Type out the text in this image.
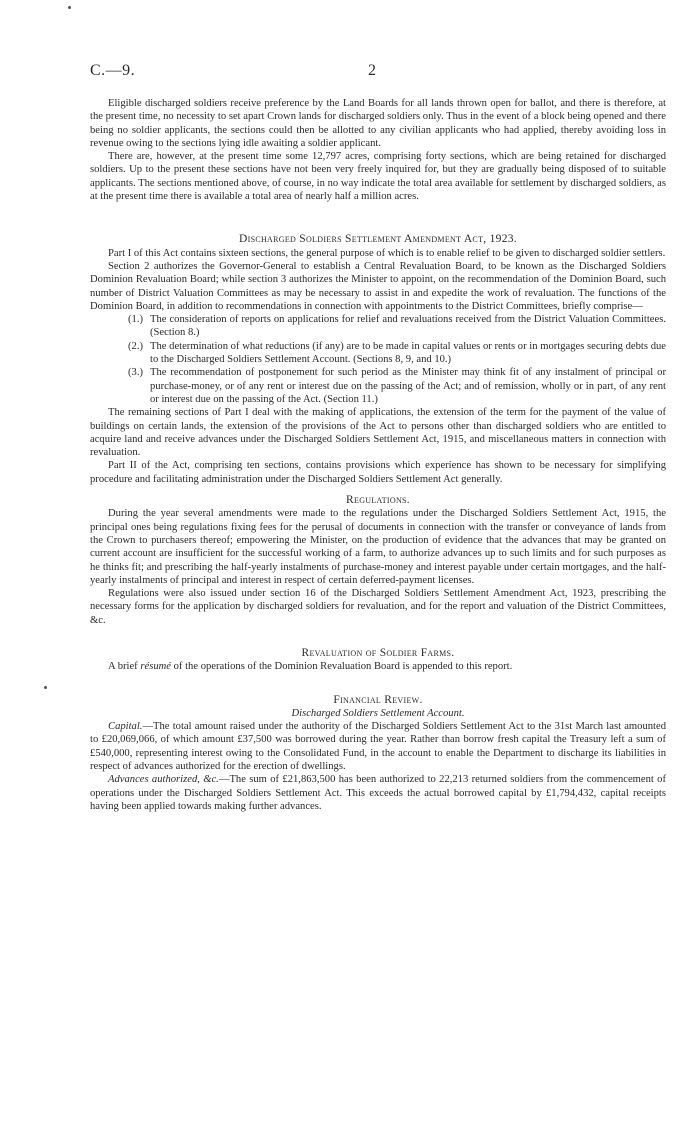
C.—9.	2

Eligible discharged soldiers receive preference by the Land Boards for all lands thrown open for ballot, and there is therefore, at the present time, no necessity to set apart Crown lands for discharged soldiers only. Thus in the event of a block being opened and there being no soldier applicants, the sections could then be allotted to any civilian applicants who had applied, thereby avoiding loss in revenue owing to the sections lying idle awaiting a soldier applicant.

There are, however, at the present time some 12,797 acres, comprising forty sections, which are being retained for discharged soldiers. Up to the present these sections have not been very freely inquired for, but they are gradually being disposed of to suitable applicants. The sections mentioned above, of course, in no way indicate the total area available for settlement by discharged soldiers, as at the present time there is available a total area of nearly half a million acres.

Discharged Soldiers Settlement Amendment Act, 1923.

Part I of this Act contains sixteen sections, the general purpose of which is to enable relief to be given to discharged soldier settlers.

Section 2 authorizes the Governor-General to establish a Central Revaluation Board, to be known as the Discharged Soldiers Dominion Revaluation Board; while section 3 authorizes the Minister to appoint, on the recommendation of the Dominion Board, such number of District Valuation Committees as may be necessary to assist in and expedite the work of revaluation. The functions of the Dominion Board, in addition to recommendations in connection with appointments to the District Committees, briefly comprise—

(1.) The consideration of reports on applications for relief and revaluations received from the District Valuation Committees. (Section 8.)
(2.) The determination of what reductions (if any) are to be made in capital values or rents or in mortgages securing debts due to the Discharged Soldiers Settlement Account. (Sections 8, 9, and 10.)
(3.) The recommendation of postponement for such period as the Minister may think fit of any instalment of principal or purchase-money, or of any rent or interest due on the passing of the Act; and of remission, wholly or in part, of any rent or interest due on the passing of the Act. (Section 11.)

The remaining sections of Part I deal with the making of applications, the extension of the term for the payment of the value of buildings on certain lands, the extension of the provisions of the Act to persons other than discharged soldiers who are entitled to acquire land and receive advances under the Discharged Soldiers Settlement Act, 1915, and miscellaneous matters in connection with revaluation.

Part II of the Act, comprising ten sections, contains provisions which experience has shown to be necessary for simplifying procedure and facilitating administration under the Discharged Soldiers Settlement Act generally.

Regulations.

During the year several amendments were made to the regulations under the Discharged Soldiers Settlement Act, 1915, the principal ones being regulations fixing fees for the perusal of documents in connection with the transfer or conveyance of lands from the Crown to purchasers thereof; empowering the Minister, on the production of evidence that the advances that may be granted on current account are insufficient for the successful working of a farm, to authorize advances up to such limits and for such purposes as he thinks fit; and prescribing the half-yearly instalments of purchase-money and interest payable under certain mortgages, and the half-yearly instalments of principal and interest in respect of certain deferred-payment licenses.

Regulations were also issued under section 16 of the Discharged Soldiers Settlement Amendment Act, 1923, prescribing the necessary forms for the application by discharged soldiers for revaluation, and for the report and valuation of the District Committees, &c.

Revaluation of Soldier Farms.

A brief résumé of the operations of the Dominion Revaluation Board is appended to this report.

Financial Review.

Discharged Soldiers Settlement Account.

Capital.—The total amount raised under the authority of the Discharged Soldiers Settlement Act to the 31st March last amounted to £20,069,066, of which amount £37,500 was borrowed during the year. Rather than borrow fresh capital the Treasury left a sum of £540,000, representing interest owing to the Consolidated Fund, in the account to enable the Department to discharge its liabilities in respect of advances authorized for the erection of dwellings.

Advances authorized, &c.—The sum of £21,863,500 has been authorized to 22,213 returned soldiers from the commencement of operations under the Discharged Soldiers Settlement Act. This exceeds the actual borrowed capital by £1,794,432, capital receipts having been applied towards making further advances.
